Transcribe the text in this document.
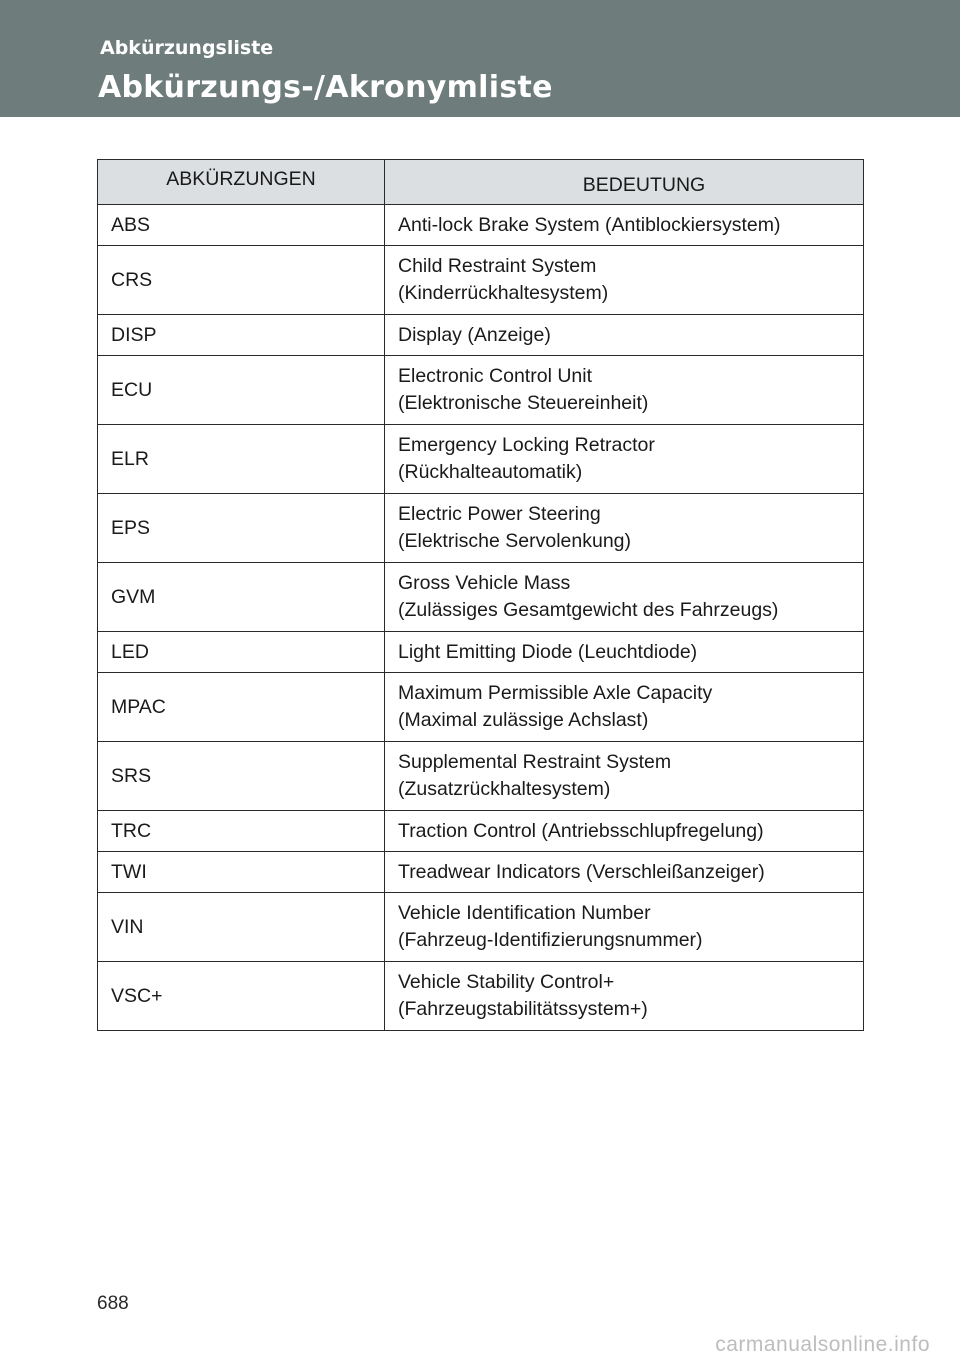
Abkürzungsliste
Abkürzungs-/Akronymliste
ABKÜRZUNGEN	BEDEUTUNG
ABS	Anti-lock Brake System (Antiblockiersystem)

CRS	Child Restraint System
(Kinderrückhaltesystem)

DISP	Display (Anzeige)

ECU	Electronic Control Unit
(Elektronische Steuereinheit)

ELR	Emergency Locking Retractor
(Rückhalteautomatik)

EPS	Electric Power Steering
(Elektrische Servolenkung)

GVM	Gross Vehicle Mass
(Zulässiges Gesamtgewicht des Fahrzeugs)

LED	Light Emitting Diode (Leuchtdiode)

MPAC	Maximum Permissible Axle Capacity
(Maximal zulässige Achslast)

SRS	Supplemental Restraint System
(Zusatzrückhaltesystem)

TRC	Traction Control (Antriebsschlupfregelung)

TWI	Treadwear Indicators (Verschleißanzeiger)

VIN	Vehicle Identification Number
(Fahrzeug-Identifizierungsnummer)

VSC+	Vehicle Stability Control+
(Fahrzeugstabilitätssystem+)
688
carmanualsonline.info
